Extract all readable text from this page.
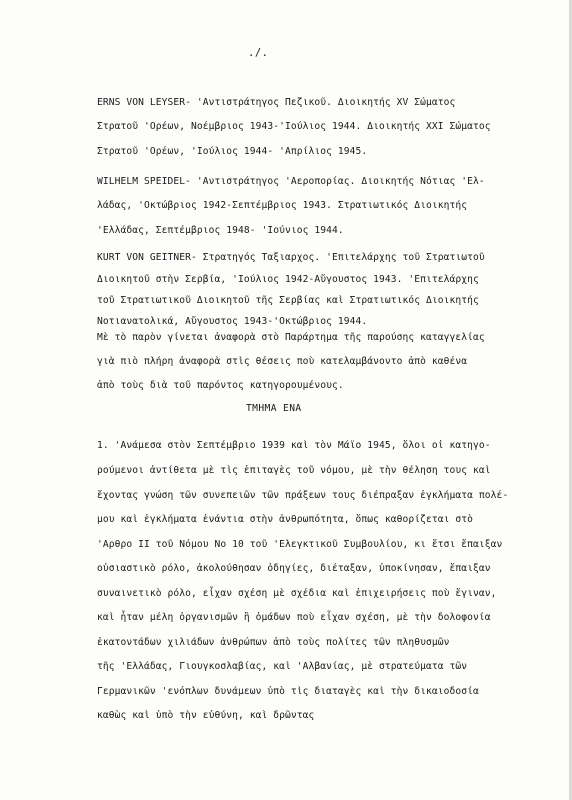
./.
ERNS VON LEYSER- 'Αντιστράτηγος Πεζικοῦ. Διοικητής XV Σώματος
Στρατοῦ 'Ορέων, Νοέμβριος 1943-'Ιούλιος 1944. Διοικητής XXI Σώματος
Στρατοῦ 'Ορέων, 'Ιούλιος 1944- 'Απρίλιος 1945.
WILHELM SPEIDEL- 'Αντιστράτηγος 'Αεροπορίας. Διοικητής Νότιας 'Ελ-
λάδας, 'Οκτώβριος 1942-Σεπτέμβριος 1943. Στρατιωτικός Διοικητής
'Ελλάδας, Σεπτέμβριος 1948- 'Ιούνιος 1944.
KURT VON GEITNER- Στρατηγός Ταξιαρχος. 'Επιτελάρχης τοῦ Στρατιωτοῦ
Διοικητοῦ στὴν Σερβία, 'Ιούλιος 1942-Αὔγουστος 1943. 'Επιτελάρχης
τοῦ Στρατιωτικοῦ Διοικητοῦ τῆς Σερβίας καὶ Στρατιωτικός Διοικητής
Νοτιανατολικά, Αὔγουστος 1943-'Οκτώβριος 1944.
Μὲ τὸ παρὸν γίνεται ἀναφορὰ στὸ Παράρτημα τῆς παρούσης καταγγελίας
γιὰ πιὸ πλήρη ἀναφορὰ στὶς θέσεις ποὺ κατελαμβάνοντο ἀπὸ καθένα
ἀπὸ τοὺς διὰ τοῦ παρόντος κατηγορουμένους.
ΤΜΗΜΑ ΕΝΑ
1. 'Ανάμεσα στὸν Σεπτέμβριο 1939 καὶ τὸν Μάϊο 1945, ὅλοι οἱ κατηγο-
ρούμενοι ἀντίθετα μὲ τὶς ἐπιταγὲς τοῦ νόμου, μὲ τὴν θέληση τους καὶ
ἔχοντας γνώση τῶν συνεπειῶν τῶν πράξεων τους διέπραξαν ἐγκλήματα πολέ-
μου καὶ ἐγκλήματα ἐνάντια στὴν ἀνθρωπότητα, ὅπως καθορίζεται στὸ
'Αρθρο II τοῦ Νόμου Νο 10 τοῦ 'Ελεγκτικοῦ Συμβουλίου, κι ἔτσι ἔπαιξαν
οὐσιαστικὸ ρόλο, ἀκολούθησαν ὁδηγίες, διέταξαν, ὑποκίνησαν, ἔπαιξαν
συναινετικὸ ρόλο, εἶχαν σχέση μὲ σχέδια καὶ ἐπιχειρήσεις ποὺ ἔγιναν,
καὶ ἦταν μέλη ὀργανισμῶν ἢ ὁμάδων ποὺ εἶχαν σχέση, μὲ τὴν δολοφονία
ἑκατοντάδων χιλιάδων ἀνθρώπων ἀπὸ τοὺς πολίτες τῶν πληθυσμῶν
τῆς 'Ελλάδας, Γιουγκοσλαβίας, καὶ 'Αλβανίας, μὲ στρατεύματα τῶν
Γερμανικῶν 'ενόπλων δυνάμεων ὑπὸ τὶς διαταγὲς καὶ τὴν δικαιοδοσία
καθὼς καὶ ὑπὸ τὴν εὐθύνη, καὶ δρῶντας
